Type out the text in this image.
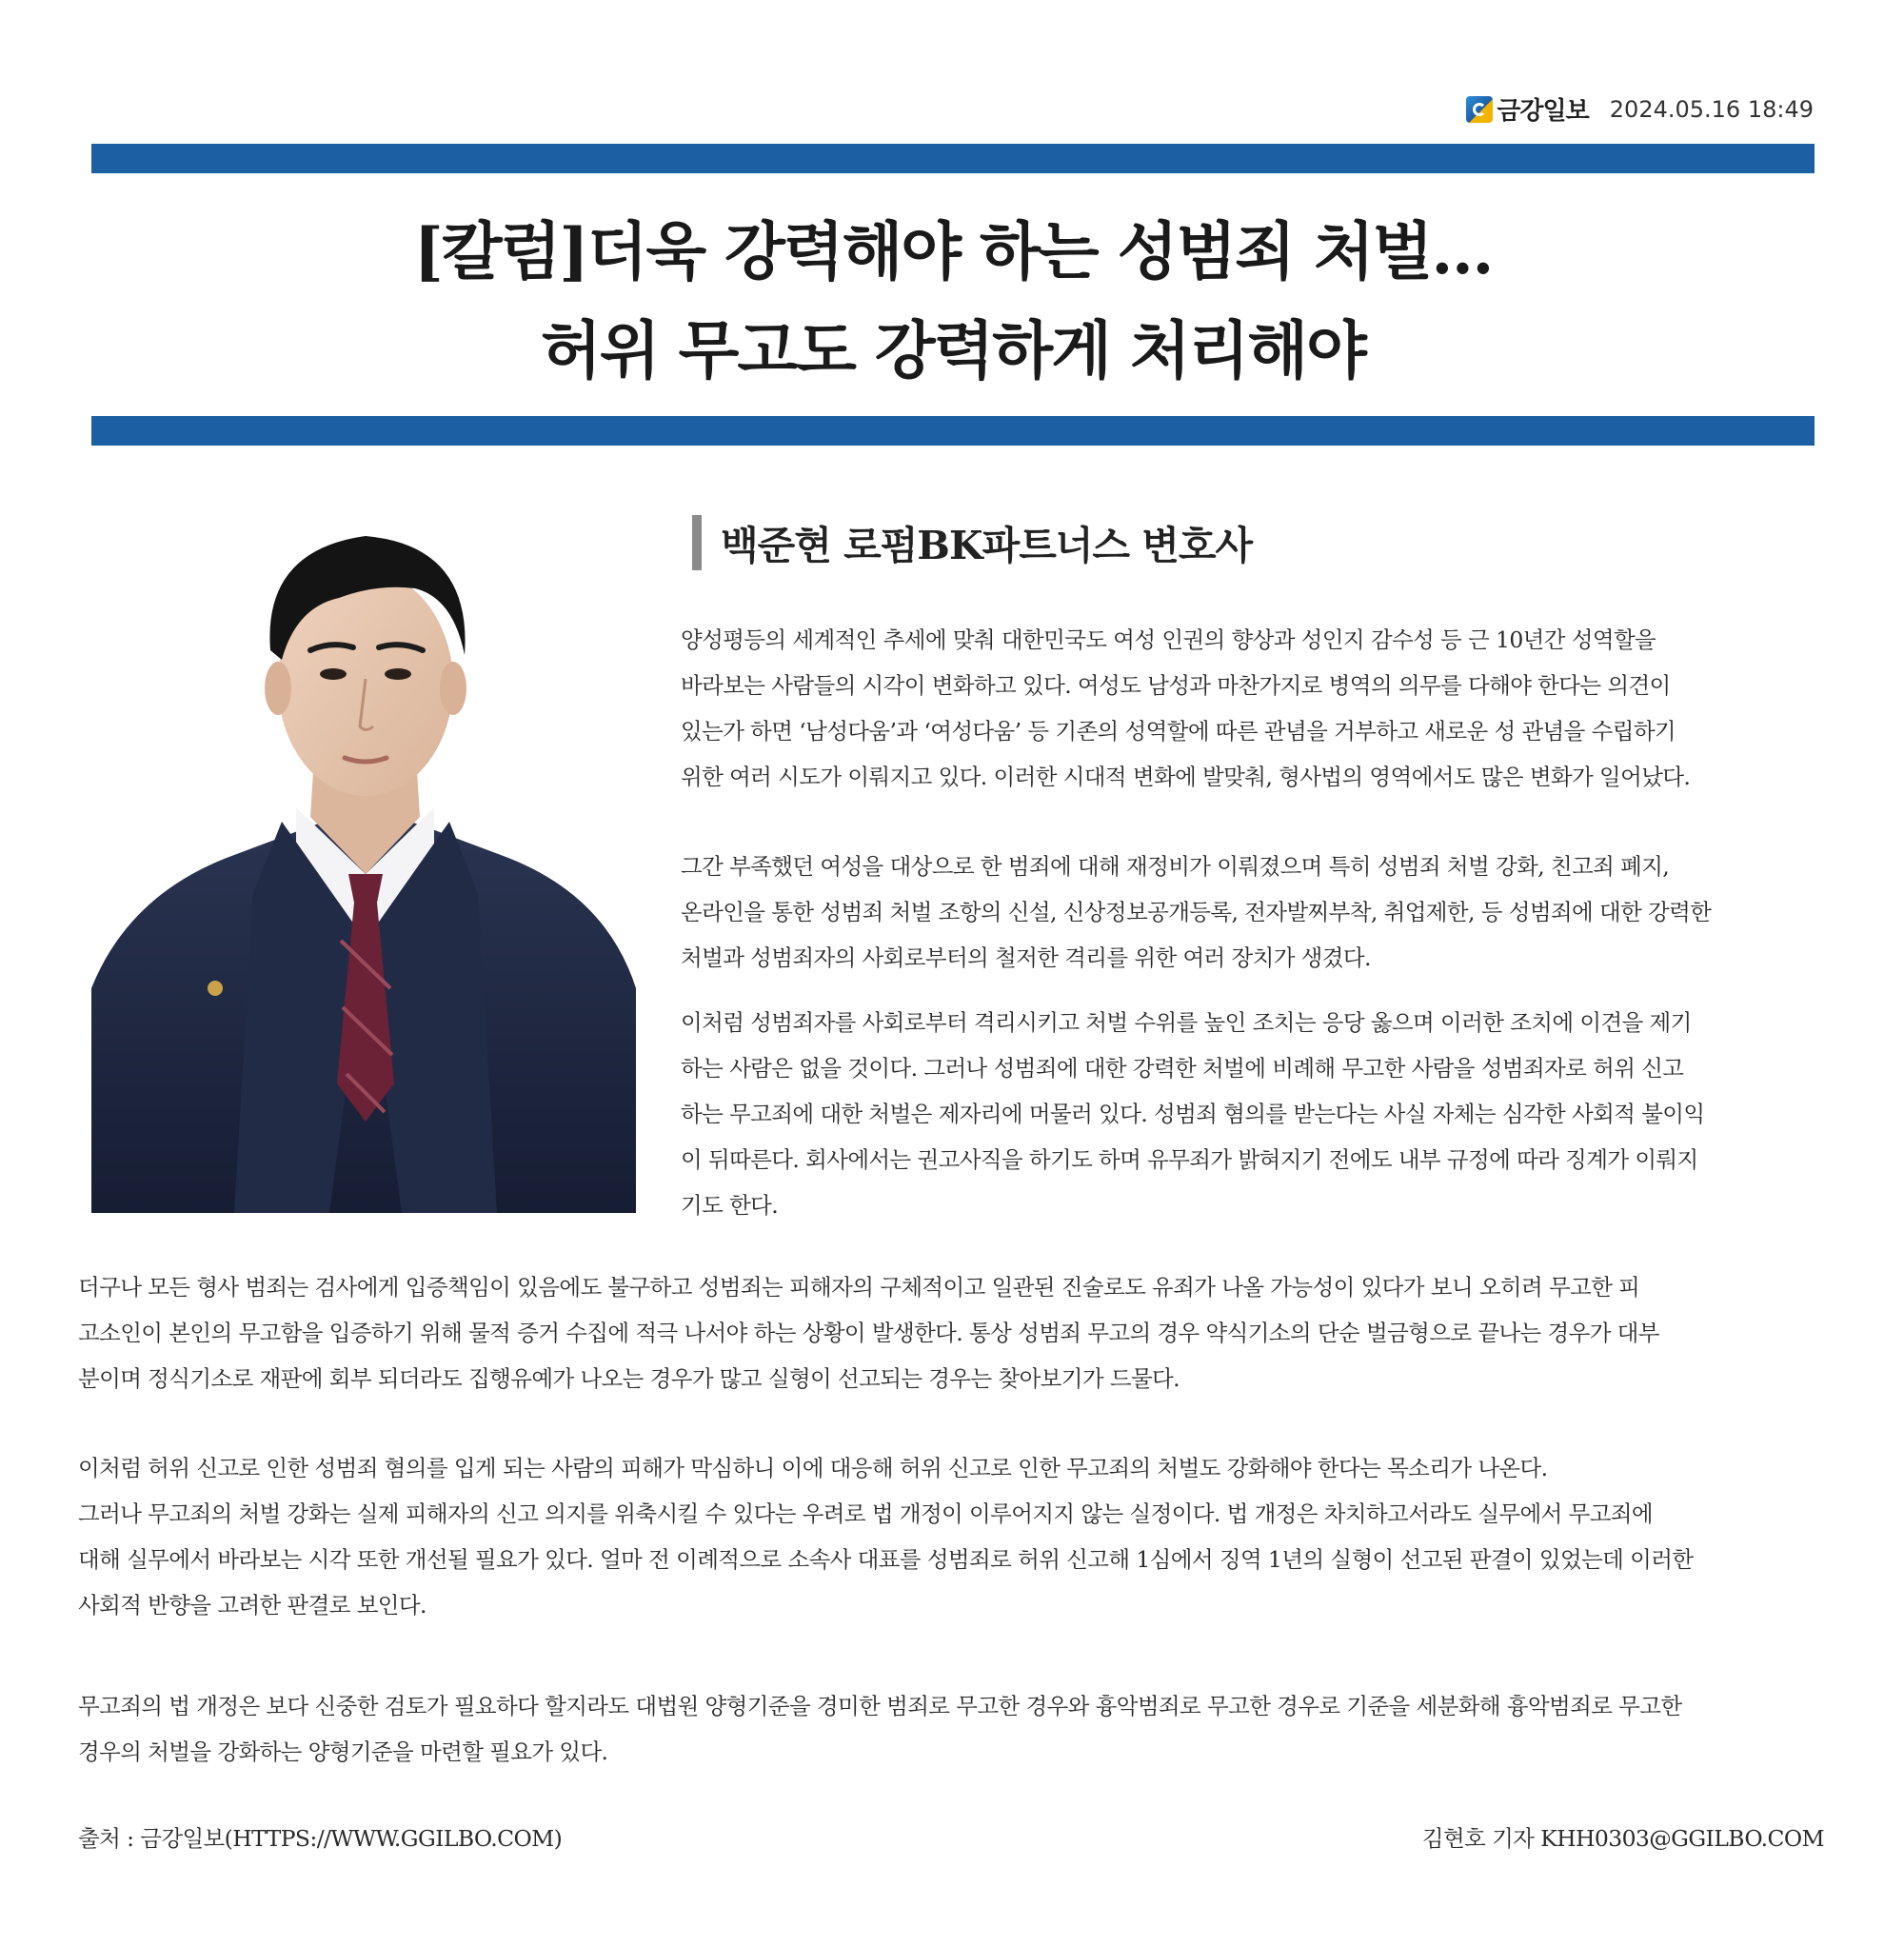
금강일보 2024.05.16 18:49
[칼럼]더욱 강력해야 하는 성범죄 처벌…
허위 무고도 강력하게 처리해야
백준현 로펌BK파트너스 변호사
양성평등의 세계적인 추세에 맞춰 대한민국도 여성 인권의 향상과 성인지 감수성 등 근 10년간 성역할을
바라보는 사람들의 시각이 변화하고 있다. 여성도 남성과 마찬가지로 병역의 의무를 다해야 한다는 의견이
있는가 하면 ‘남성다움’과 ‘여성다움’ 등 기존의 성역할에 따른 관념을 거부하고 새로운 성 관념을 수립하기
위한 여러 시도가 이뤄지고 있다. 이러한 시대적 변화에 발맞춰, 형사법의 영역에서도 많은 변화가 일어났다.
그간 부족했던 여성을 대상으로 한 범죄에 대해 재정비가 이뤄졌으며 특히 성범죄 처벌 강화, 친고죄 폐지,
온라인을 통한 성범죄 처벌 조항의 신설, 신상정보공개등록, 전자발찌부착, 취업제한, 등 성범죄에 대한 강력한
처벌과 성범죄자의 사회로부터의 철저한 격리를 위한 여러 장치가 생겼다.
이처럼 성범죄자를 사회로부터 격리시키고 처벌 수위를 높인 조치는 응당 옳으며 이러한 조치에 이견을 제기
하는 사람은 없을 것이다. 그러나 성범죄에 대한 강력한 처벌에 비례해 무고한 사람을 성범죄자로 허위 신고
하는 무고죄에 대한 처벌은 제자리에 머물러 있다. 성범죄 혐의를 받는다는 사실 자체는 심각한 사회적 불이익
이 뒤따른다. 회사에서는 권고사직을 하기도 하며 유무죄가 밝혀지기 전에도 내부 규정에 따라 징계가 이뤄지
기도 한다.
더구나 모든 형사 범죄는 검사에게 입증책임이 있음에도 불구하고 성범죄는 피해자의 구체적이고 일관된 진술로도 유죄가 나올 가능성이 있다가 보니 오히려 무고한 피
고소인이 본인의 무고함을 입증하기 위해 물적 증거 수집에 적극 나서야 하는 상황이 발생한다. 통상 성범죄 무고의 경우 약식기소의 단순 벌금형으로 끝나는 경우가 대부
분이며 정식기소로 재판에 회부 되더라도 집행유예가 나오는 경우가 많고 실형이 선고되는 경우는 찾아보기가 드물다.
이처럼 허위 신고로 인한 성범죄 혐의를 입게 되는 사람의 피해가 막심하니 이에 대응해 허위 신고로 인한 무고죄의 처벌도 강화해야 한다는 목소리가 나온다.
그러나 무고죄의 처벌 강화는 실제 피해자의 신고 의지를 위축시킬 수 있다는 우려로 법 개정이 이루어지지 않는 실정이다. 법 개정은 차치하고서라도 실무에서 무고죄에
대해 실무에서 바라보는 시각 또한 개선될 필요가 있다. 얼마 전 이례적으로 소속사 대표를 성범죄로 허위 신고해 1심에서 징역 1년의 실형이 선고된 판결이 있었는데 이러한
사회적 반향을 고려한 판결로 보인다.
무고죄의 법 개정은 보다 신중한 검토가 필요하다 할지라도 대법원 양형기준을 경미한 범죄로 무고한 경우와 흉악범죄로 무고한 경우로 기준을 세분화해 흉악범죄로 무고한
경우의 처벌을 강화하는 양형기준을 마련할 필요가 있다.
출처 : 금강일보(HTTPS://WWW.GGILBO.COM)	김현호 기자 KHH0303@GGILBO.COM
